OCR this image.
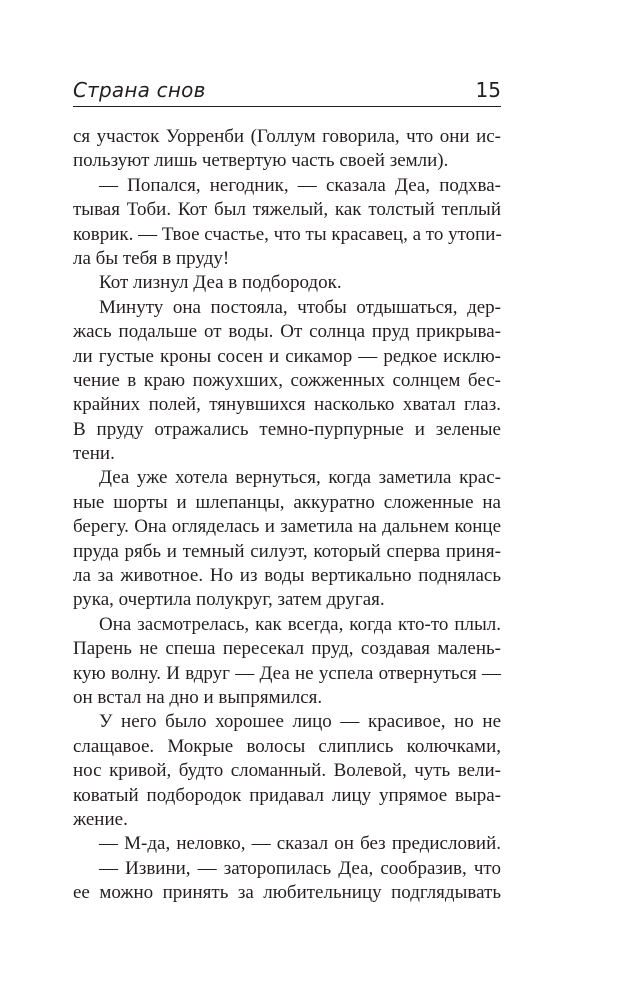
Страна снов	15
ся участок Уорренби (Голлум говорила, что они ис-
пользуют лишь четвертую часть своей земли).
— Попался, негодник, — сказала Деа, подхва-
тывая Тоби. Кот был тяжелый, как толстый теплый
коврик. — Твое счастье, что ты красавец, а то утопи-
ла бы тебя в пруду!
Кот лизнул Деа в подбородок.
Минуту она постояла, чтобы отдышаться, дер-
жась подальше от воды. От солнца пруд прикрыва-
ли густые кроны сосен и сикамор — редкое исклю-
чение в краю пожухших, сожженных солнцем бес-
крайних полей, тянувшихся насколько хватал глаз.
В пруду отражались темно-пурпурные и зеленые
тени.
Деа уже хотела вернуться, когда заметила крас-
ные шорты и шлепанцы, аккуратно сложенные на
берегу. Она огляделась и заметила на дальнем конце
пруда рябь и темный силуэт, который сперва приня-
ла за животное. Но из воды вертикально поднялась
рука, очертила полукруг, затем другая.
Она засмотрелась, как всегда, когда кто-то плыл.
Парень не спеша пересекал пруд, создавая малень-
кую волну. И вдруг — Деа не успела отвернуться —
он встал на дно и выпрямился.
У него было хорошее лицо — красивое, но не
слащавое. Мокрые волосы слиплись колючками,
нос кривой, будто сломанный. Волевой, чуть вели-
коватый подбородок придавал лицу упрямое выра-
жение.
— М-да, неловко, — сказал он без предисловий.
— Извини, — заторопилась Деа, сообразив, что
ее можно принять за любительницу подглядывать
